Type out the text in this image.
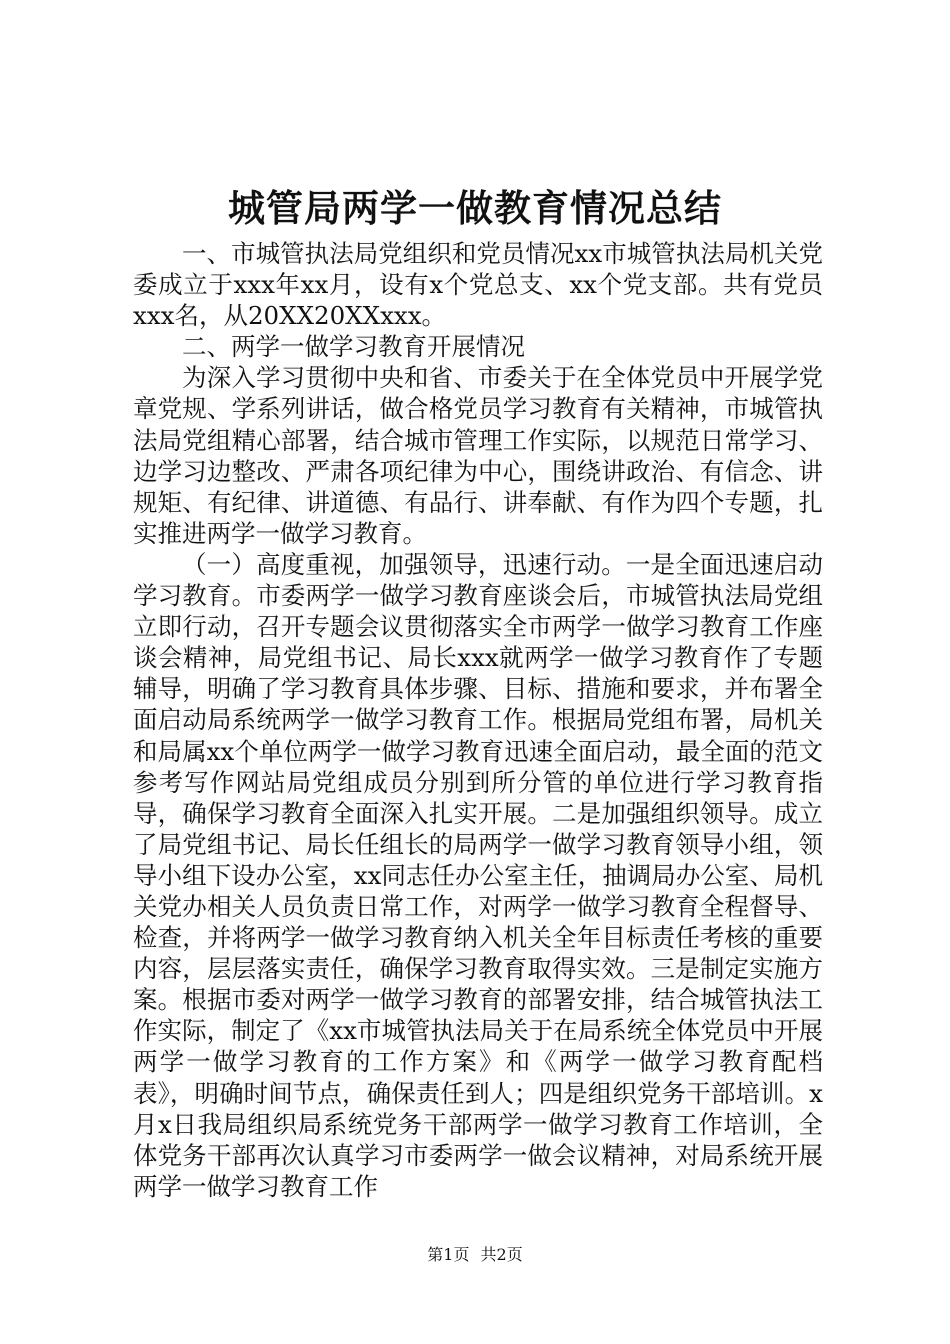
城管局两学一做教育情况总结

一、市城管执法局党组织和党员情况xx市城管执法局机关党委成立于xxx年xx月，设有x个党总支、xx个党支部。共有党员xxx名，从20XX20XXxxx。

二、两学一做学习教育开展情况

为深入学习贯彻中央和省、市委关于在全体党员中开展学党章党规、学系列讲话，做合格党员学习教育有关精神，市城管执法局党组精心部署，结合城市管理工作实际，以规范日常学习、边学习边整改、严肃各项纪律为中心，围绕讲政治、有信念、讲规矩、有纪律、讲道德、有品行、讲奉献、有作为四个专题，扎实推进两学一做学习教育。

（一）高度重视，加强领导，迅速行动。一是全面迅速启动学习教育。市委两学一做学习教育座谈会后，市城管执法局党组立即行动，召开专题会议贯彻落实全市两学一做学习教育工作座谈会精神，局党组书记、局长xxx就两学一做学习教育作了专题辅导，明确了学习教育具体步骤、目标、措施和要求，并布署全面启动局系统两学一做学习教育工作。根据局党组布署，局机关和局属xx个单位两学一做学习教育迅速全面启动，最全面的范文参考写作网站局党组成员分别到所分管的单位进行学习教育指导，确保学习教育全面深入扎实开展。二是加强组织领导。成立了局党组书记、局长任组长的局两学一做学习教育领导小组，领导小组下设办公室，xx同志任办公室主任，抽调局办公室、局机关党办相关人员负责日常工作，对两学一做学习教育全程督导、检查，并将两学一做学习教育纳入机关全年目标责任考核的重要内容，层层落实责任，确保学习教育取得实效。三是制定实施方案。根据市委对两学一做学习教育的部署安排，结合城管执法工作实际，制定了《xx市城管执法局关于在局系统全体党员中开展两学一做学习教育的工作方案》和《两学一做学习教育配档表》，明确时间节点，确保责任到人；四是组织党务干部培训。x月x日我局组织局系统党务干部两学一做学习教育工作培训，全体党务干部再次认真学习市委两学一做会议精神，对局系统开展两学一做学习教育工作

第1页 共2页
